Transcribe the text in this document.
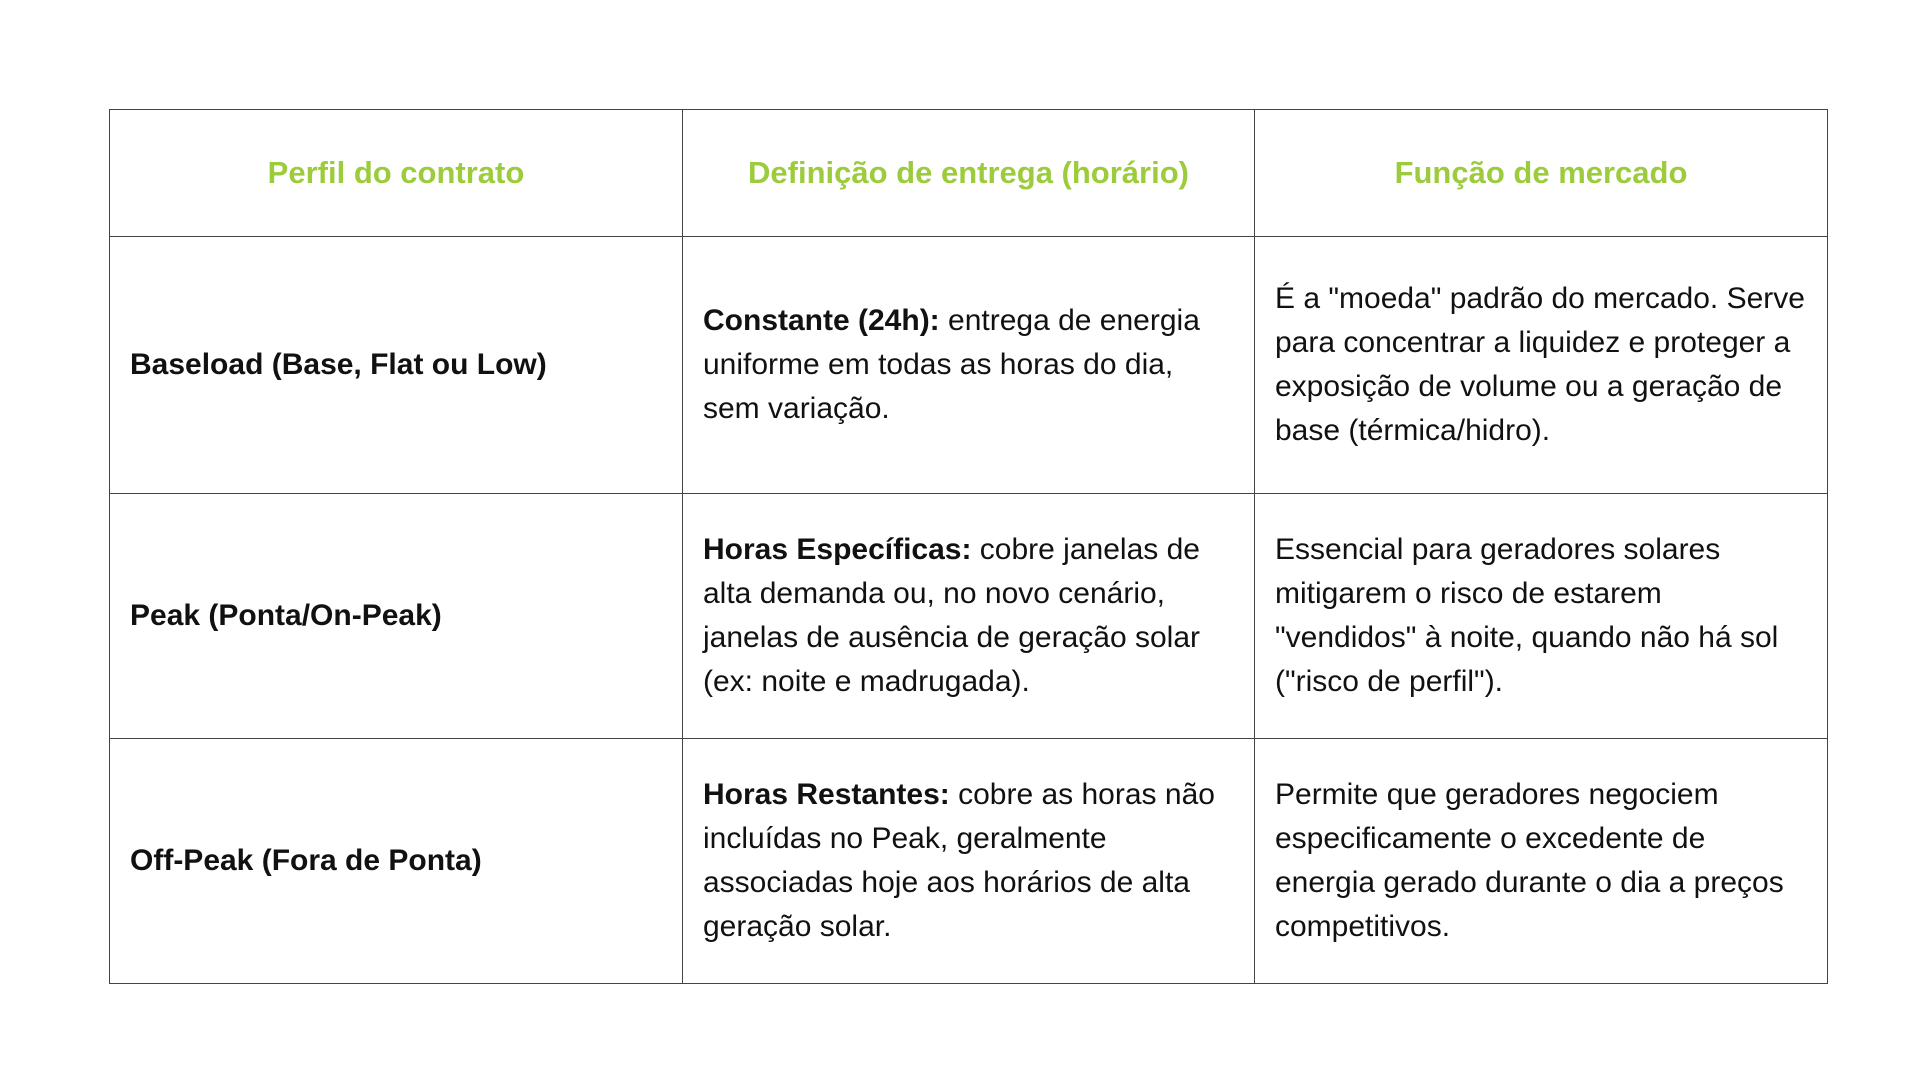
Perfil do contrato	Definição de entrega (horário)	Função de mercado
Baseload (Base, Flat ou Low)	Constante (24h): entrega de energia uniforme em todas as horas do dia, sem variação.	É a "moeda" padrão do mercado. Serve para concentrar a liquidez e proteger a exposição de volume ou a geração de base (térmica/hidro).
Peak (Ponta/On-Peak)	Horas Específicas: cobre janelas de alta demanda ou, no novo cenário, janelas de ausência de geração solar (ex: noite e madrugada).	Essencial para geradores solares mitigarem o risco de estarem "vendidos" à noite, quando não há sol ("risco de perfil").
Off-Peak (Fora de Ponta)	Horas Restantes: cobre as horas não incluídas no Peak, geralmente associadas hoje aos horários de alta geração solar.	Permite que geradores negociem especificamente o excedente de energia gerado durante o dia a preços competitivos.
